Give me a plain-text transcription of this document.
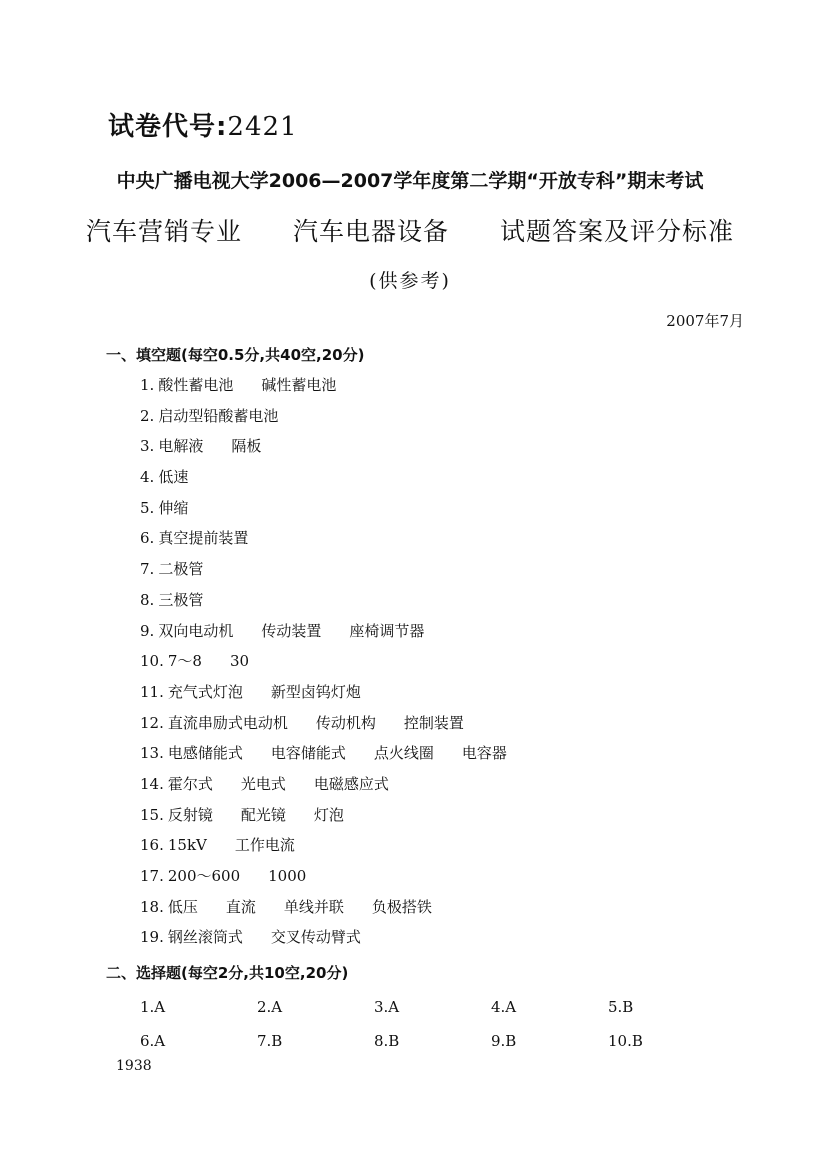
试卷代号:2421
中央广播电视大学2006—2007学年度第二学期“开放专科”期末考试
汽车营销专业 汽车电器设备 试题答案及评分标准
(供参考)
2007年7月
一、填空题(每空0.5分,共40空,20分)
1. 酸性蓄电池 碱性蓄电池
2. 启动型铅酸蓄电池
3. 电解液 隔板
4. 低速
5. 伸缩
6. 真空提前装置
7. 二极管
8. 三极管
9. 双向电动机 传动装置 座椅调节器
10. 7～8 30
11. 充气式灯泡 新型卤钨灯炮
12. 直流串励式电动机 传动机构 控制装置
13. 电感储能式 电容储能式 点火线圈 电容器
14. 霍尔式 光电式 电磁感应式
15. 反射镜 配光镜 灯泡
16. 15kV 工作电流
17. 200～600 1000
18. 低压 直流 单线并联 负极搭铁
19. 钢丝滚筒式 交叉传动臂式
二、选择题(每空2分,共10空,20分)
1.A	2.A	3.A	4.A	5.B
6.A	7.B	8.B	9.B	10.B
1938
